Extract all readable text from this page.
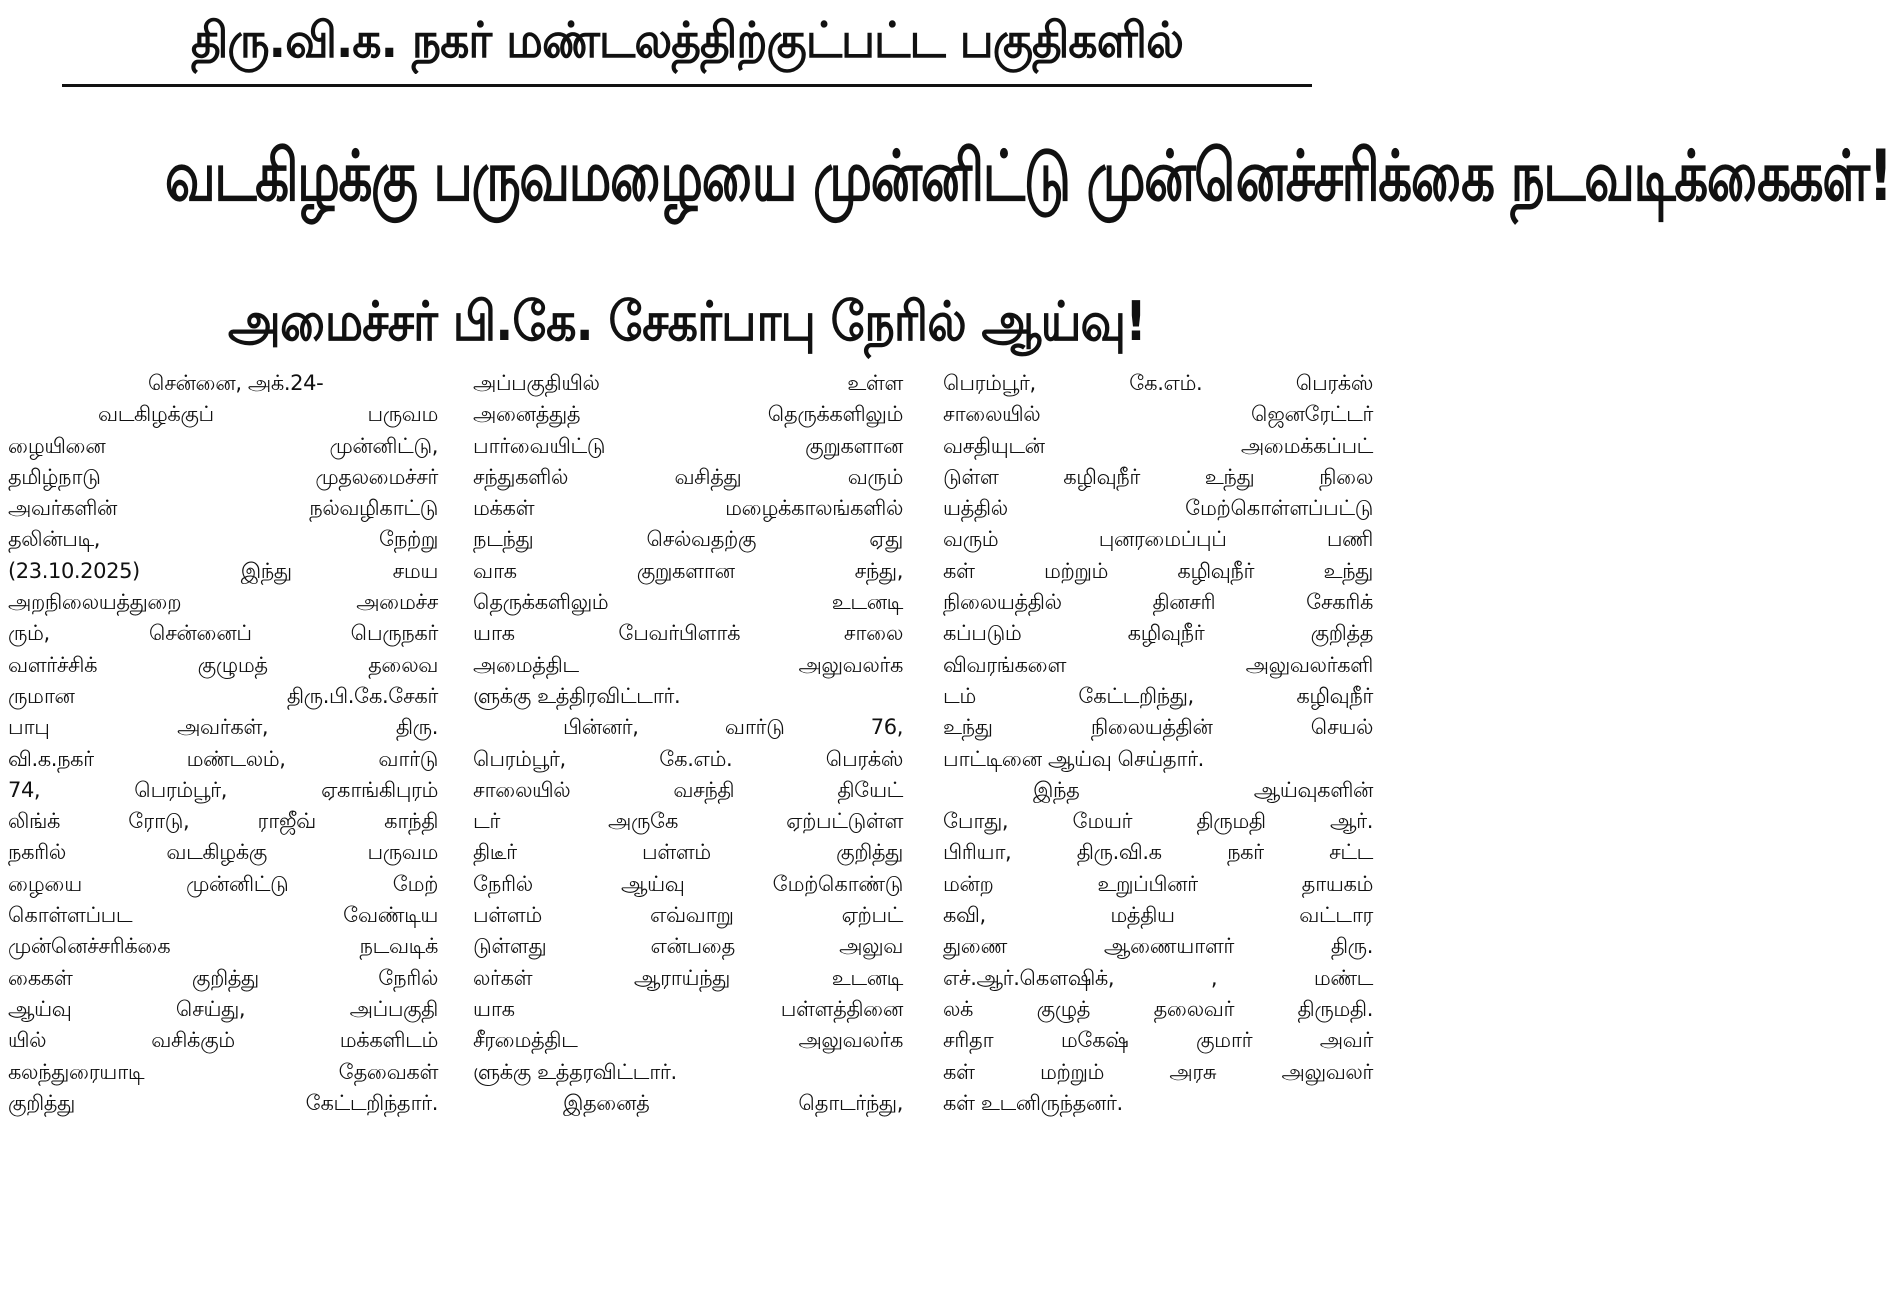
திரு.வி.க. நகர் மண்டலத்திற்குட்பட்ட பகுதிகளில்
வடகிழக்கு பருவமழையை முன்னிட்டு முன்னெச்சரிக்கை நடவடிக்கைகள்!
அமைச்சர் பி.கே. சேகர்பாபு நேரில் ஆய்வு!
சென்னை, அக்.24-
வடகிழக்குப் பருவம
ழையினை முன்னிட்டு,
தமிழ்நாடு முதலமைச்சர்
அவர்களின் நல்வழிகாட்டு
தலின்படி, நேற்று
(23.10.2025) இந்து சமய
அறநிலையத்துறை அமைச்ச
ரும், சென்னைப் பெருநகர்
வளர்ச்சிக் குழுமத் தலைவ
ருமான திரு.பி.கே.சேகர்
பாபு அவர்கள், திரு.
வி.க.நகர் மண்டலம், வார்டு
74, பெரம்பூர், ஏகாங்கிபுரம்
லிங்க் ரோடு, ராஜீவ் காந்தி
நகரில் வடகிழக்கு பருவம
ழையை முன்னிட்டு மேற்
கொள்ளப்பட வேண்டிய
முன்னெச்சரிக்கை நடவடிக்
கைகள் குறித்து நேரில்
ஆய்வு செய்து, அப்பகுதி
யில் வசிக்கும் மக்களிடம்
கலந்துரையாடி தேவைகள்
குறித்து கேட்டறிந்தார்.
அப்பகுதியில் உள்ள
அனைத்துத் தெருக்களிலும்
பார்வையிட்டு குறுகளான
சந்துகளில் வசித்து வரும்
மக்கள் மழைக்காலங்களில்
நடந்து செல்வதற்கு ஏது
வாக குறுகளான சந்து,
தெருக்களிலும் உடனடி
யாக பேவர்பிளாக் சாலை
அமைத்திட அலுவலர்க
ளுக்கு உத்திரவிட்டார்.
பின்னர், வார்டு 76,
பெரம்பூர், கே.எம். பெரக்ஸ்
சாலையில் வசந்தி தியேட்
டர் அருகே ஏற்பட்டுள்ள
திடீர் பள்ளம் குறித்து
நேரில் ஆய்வு மேற்கொண்டு
பள்ளம் எவ்வாறு ஏற்பட்
டுள்ளது என்பதை அலுவ
லர்கள் ஆராய்ந்து உடனடி
யாக பள்ளத்தினை
சீரமைத்திட அலுவலர்க
ளுக்கு உத்தரவிட்டார்.
இதனைத் தொடர்ந்து,
பெரம்பூர், கே.எம். பெரக்ஸ்
சாலையில் ஜெனரேட்டர்
வசதியுடன் அமைக்கப்பட்
டுள்ள கழிவுநீர் உந்து நிலை
யத்தில் மேற்கொள்ளப்பட்டு
வரும் புனரமைப்புப் பணி
கள் மற்றும் கழிவுநீர் உந்து
நிலையத்தில் தினசரி சேகரிக்
கப்படும் கழிவுநீர் குறித்த
விவரங்களை அலுவலர்களி
டம் கேட்டறிந்து, கழிவுநீர்
உந்து நிலையத்தின் செயல்
பாட்டினை ஆய்வு செய்தார்.
இந்த ஆய்வுகளின்
போது, மேயர் திருமதி ஆர்.
பிரியா, திரு.வி.க நகர் சட்ட
மன்ற உறுப்பினர் தாயகம்
கவி, மத்திய வட்டார
துணை ஆணையாளர் திரு.
எச்.ஆர்.கௌஷிக், , மண்ட
லக் குழுத் தலைவர் திருமதி.
சரிதா மகேஷ் குமார் அவர்
கள் மற்றும் அரசு அலுவலர்
கள் உடனிருந்தனர்.
